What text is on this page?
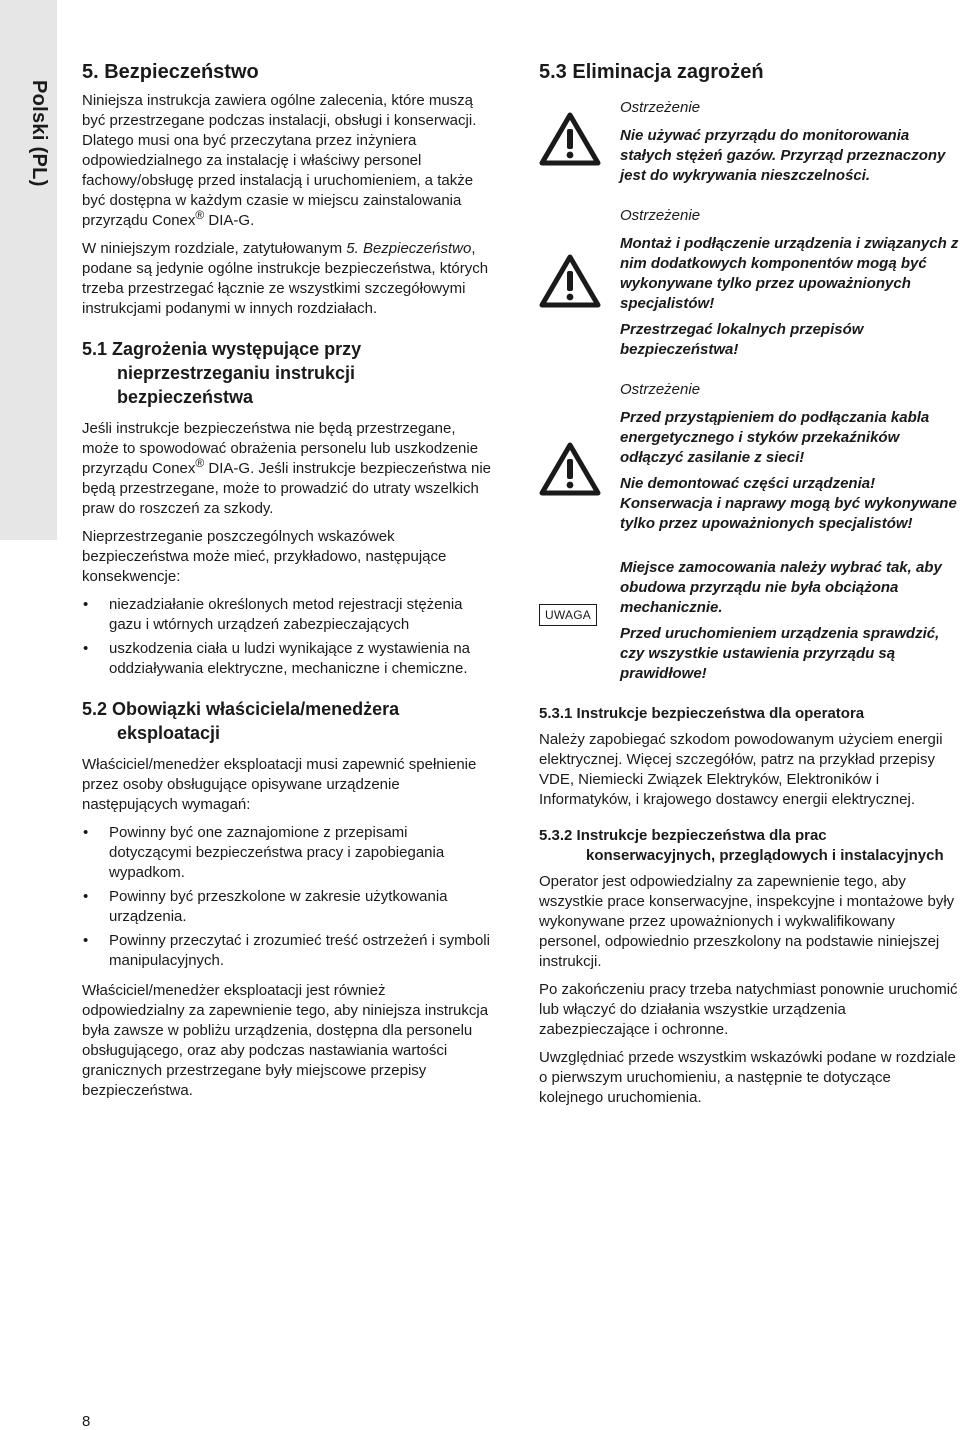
Polski (PL)
5. Bezpieczeństwo

Niniejsza instrukcja zawiera ogólne zalecenia, które muszą być przestrzegane podczas instalacji, obsługi i konserwacji. Dlatego musi ona być przeczytana przez inżyniera odpowiedzialnego za instalację i właściwy personel fachowy/obsługę przed instalacją i uruchomieniem, a także być dostępna w każdym czasie w miejscu zainstalowania przyrządu Conex® DIA-G.

W niniejszym rozdziale, zatytułowanym 5. Bezpieczeństwo, podane są jedynie ogólne instrukcje bezpieczeństwa, których trzeba przestrzegać łącznie ze wszystkimi szczegółowymi instrukcjami podanymi w innych rozdziałach.

5.1 Zagrożenia występujące przy nieprzestrzeganiu instrukcji bezpieczeństwa

Jeśli instrukcje bezpieczeństwa nie będą przestrzegane, może to spowodować obrażenia personelu lub uszkodzenie przyrządu Conex® DIA-G. Jeśli instrukcje bezpieczeństwa nie będą przestrzegane, może to prowadzić do utraty wszelkich praw do roszczeń za szkody.

Nieprzestrzeganie poszczególnych wskazówek bezpieczeństwa może mieć, przykładowo, następujące konsekwencje:

• niezadziałanie określonych metod rejestracji stężenia gazu i wtórnych urządzeń zabezpieczających
• uszkodzenia ciała u ludzi wynikające z wystawienia na oddziaływania elektryczne, mechaniczne i chemiczne.
5.2 Obowiązki właściciela/menedżera eksploatacji

Właściciel/menedżer eksploatacji musi zapewnić spełnienie przez osoby obsługujące opisywane urządzenie następujących wymagań:

• Powinny być one zaznajomione z przepisami dotyczącymi bezpieczeństwa pracy i zapobiegania wypadkom.
• Powinny być przeszkolone w zakresie użytkowania urządzenia.
• Powinny przeczytać i zrozumieć treść ostrzeżeń i symboli manipulacyjnych.

Właściciel/menedżer eksploatacji jest również odpowiedzialny za zapewnienie tego, aby niniejsza instrukcja była zawsze w pobliżu urządzenia, dostępna dla personelu obsługującego, oraz aby podczas nastawiania wartości granicznych przestrzegane były miejscowe przepisy bezpieczeństwa.

5.3 Eliminacja zagrożeń
Ostrzeżenie
Nie używać przyrządu do monitorowania stałych stężeń gazów. Przyrząd przeznaczony jest do wykrywania nieszczelności.
Ostrzeżenie
Montaż i podłączenie urządzenia i związanych z nim dodatkowych komponentów mogą być wykonywane tylko przez upoważnionych specjalistów!
Przestrzegać lokalnych przepisów bezpieczeństwa!
Ostrzeżenie
Przed przystąpieniem do podłączania kabla energetycznego i styków przekaźników odłączyć zasilanie z sieci!
Nie demontować części urządzenia! Konserwacja i naprawy mogą być wykonywane tylko przez upoważnionych specjalistów!
UWAGA
Miejsce zamocowania należy wybrać tak, aby obudowa przyrządu nie była obciążona mechanicznie.
Przed uruchomieniem urządzenia sprawdzić, czy wszystkie ustawienia przyrządu są prawidłowe!
5.3.1 Instrukcje bezpieczeństwa dla operatora

Należy zapobiegać szkodom powodowanym użyciem energii elektrycznej. Więcej szczegółów, patrz na przykład przepisy VDE, Niemiecki Związek Elektryków, Elektroników i Informatyków, i krajowego dostawcy energii elektrycznej.

5.3.2 Instrukcje bezpieczeństwa dla prac konserwacyjnych, przeglądowych i instalacyjnych

Operator jest odpowiedzialny za zapewnienie tego, aby wszystkie prace konserwacyjne, inspekcyjne i montażowe były wykonywane przez upoważnionych i wykwalifikowany personel, odpowiednio przeszkolony na podstawie niniejszej instrukcji.

Po zakończeniu pracy trzeba natychmiast ponownie uruchomić lub włączyć do działania wszystkie urządzenia zabezpieczające i ochronne.

Uwzględniać przede wszystkim wskazówki podane w rozdziale o pierwszym uruchomieniu, a następnie te dotyczące kolejnego uruchomienia.

8
